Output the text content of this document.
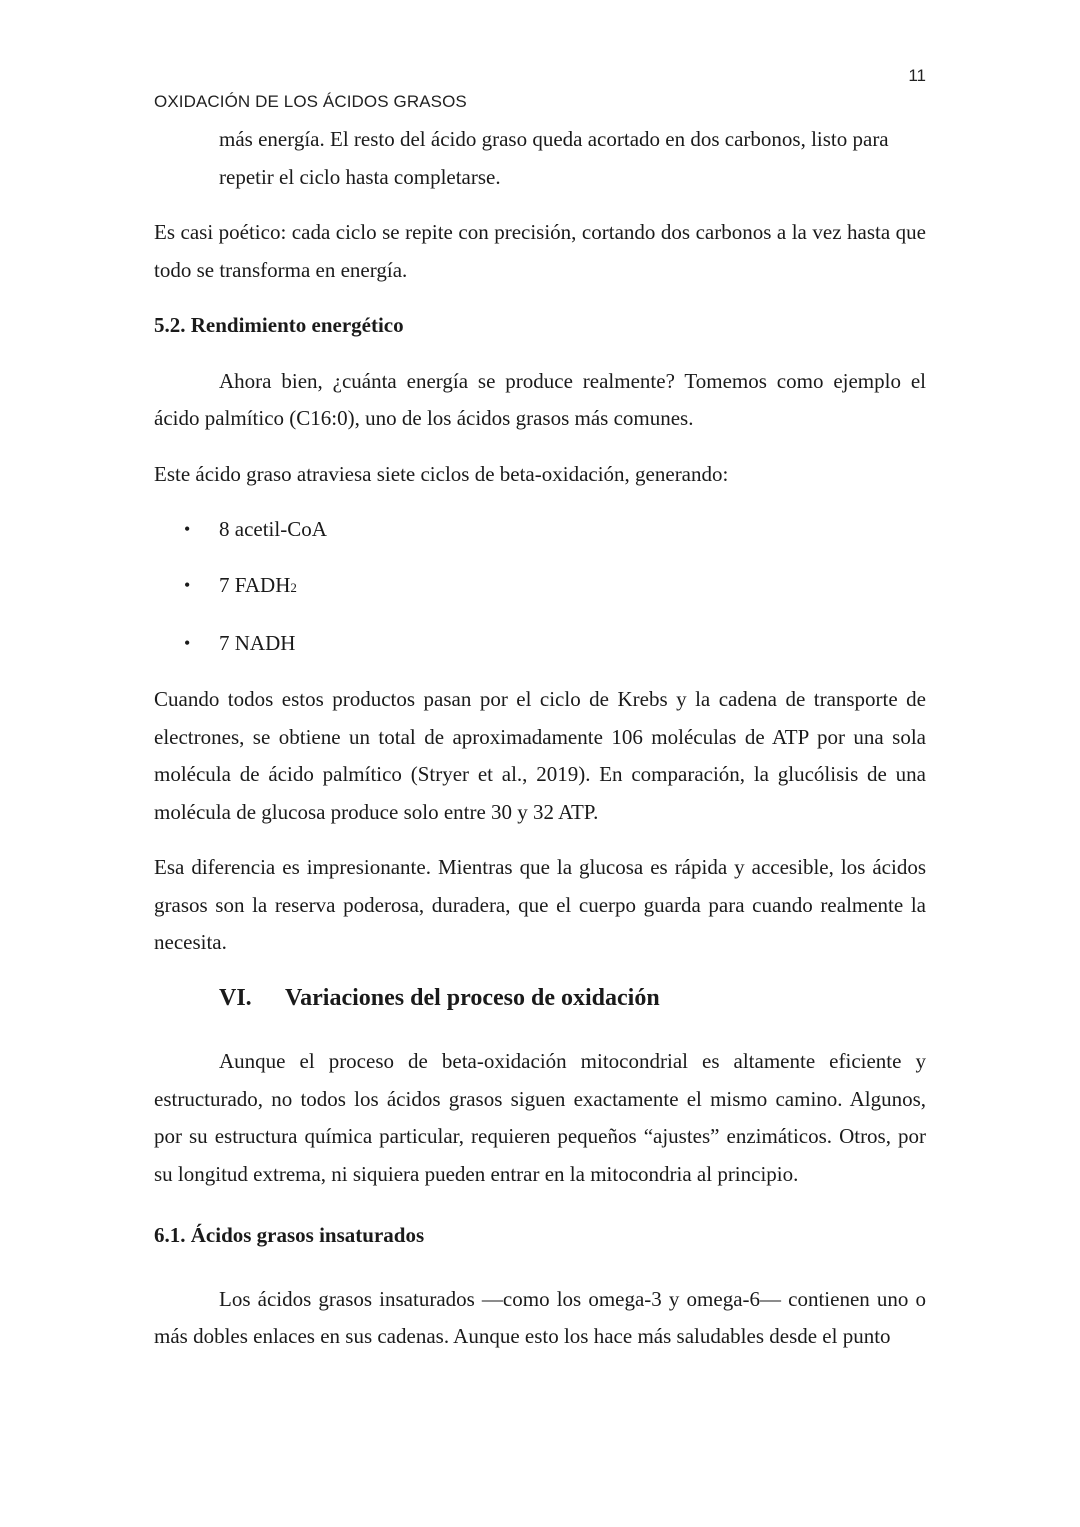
11
OXIDACIÓN DE LOS ÁCIDOS GRASOS

más energía. El resto del ácido graso queda acortado en dos carbonos, listo para repetir el ciclo hasta completarse.

Es casi poético: cada ciclo se repite con precisión, cortando dos carbonos a la vez hasta que todo se transforma en energía.

5.2. Rendimiento energético

Ahora bien, ¿cuánta energía se produce realmente? Tomemos como ejemplo el ácido palmítico (C16:0), uno de los ácidos grasos más comunes.

Este ácido graso atraviesa siete ciclos de beta-oxidación, generando:

• 8 acetil-CoA
• 7 FADH2
• 7 NADH

Cuando todos estos productos pasan por el ciclo de Krebs y la cadena de transporte de electrones, se obtiene un total de aproximadamente 106 moléculas de ATP por una sola molécula de ácido palmítico (Stryer et al., 2019). En comparación, la glucólisis de una molécula de glucosa produce solo entre 30 y 32 ATP.

Esa diferencia es impresionante. Mientras que la glucosa es rápida y accesible, los ácidos grasos son la reserva poderosa, duradera, que el cuerpo guarda para cuando realmente la necesita.

VI.	Variaciones del proceso de oxidación

Aunque el proceso de beta-oxidación mitocondrial es altamente eficiente y estructurado, no todos los ácidos grasos siguen exactamente el mismo camino. Algunos, por su estructura química particular, requieren pequeños “ajustes” enzimáticos. Otros, por su longitud extrema, ni siquiera pueden entrar en la mitocondria al principio.

6.1. Ácidos grasos insaturados

Los ácidos grasos insaturados —como los omega-3 y omega-6— contienen uno o más dobles enlaces en sus cadenas. Aunque esto los hace más saludables desde el punto
